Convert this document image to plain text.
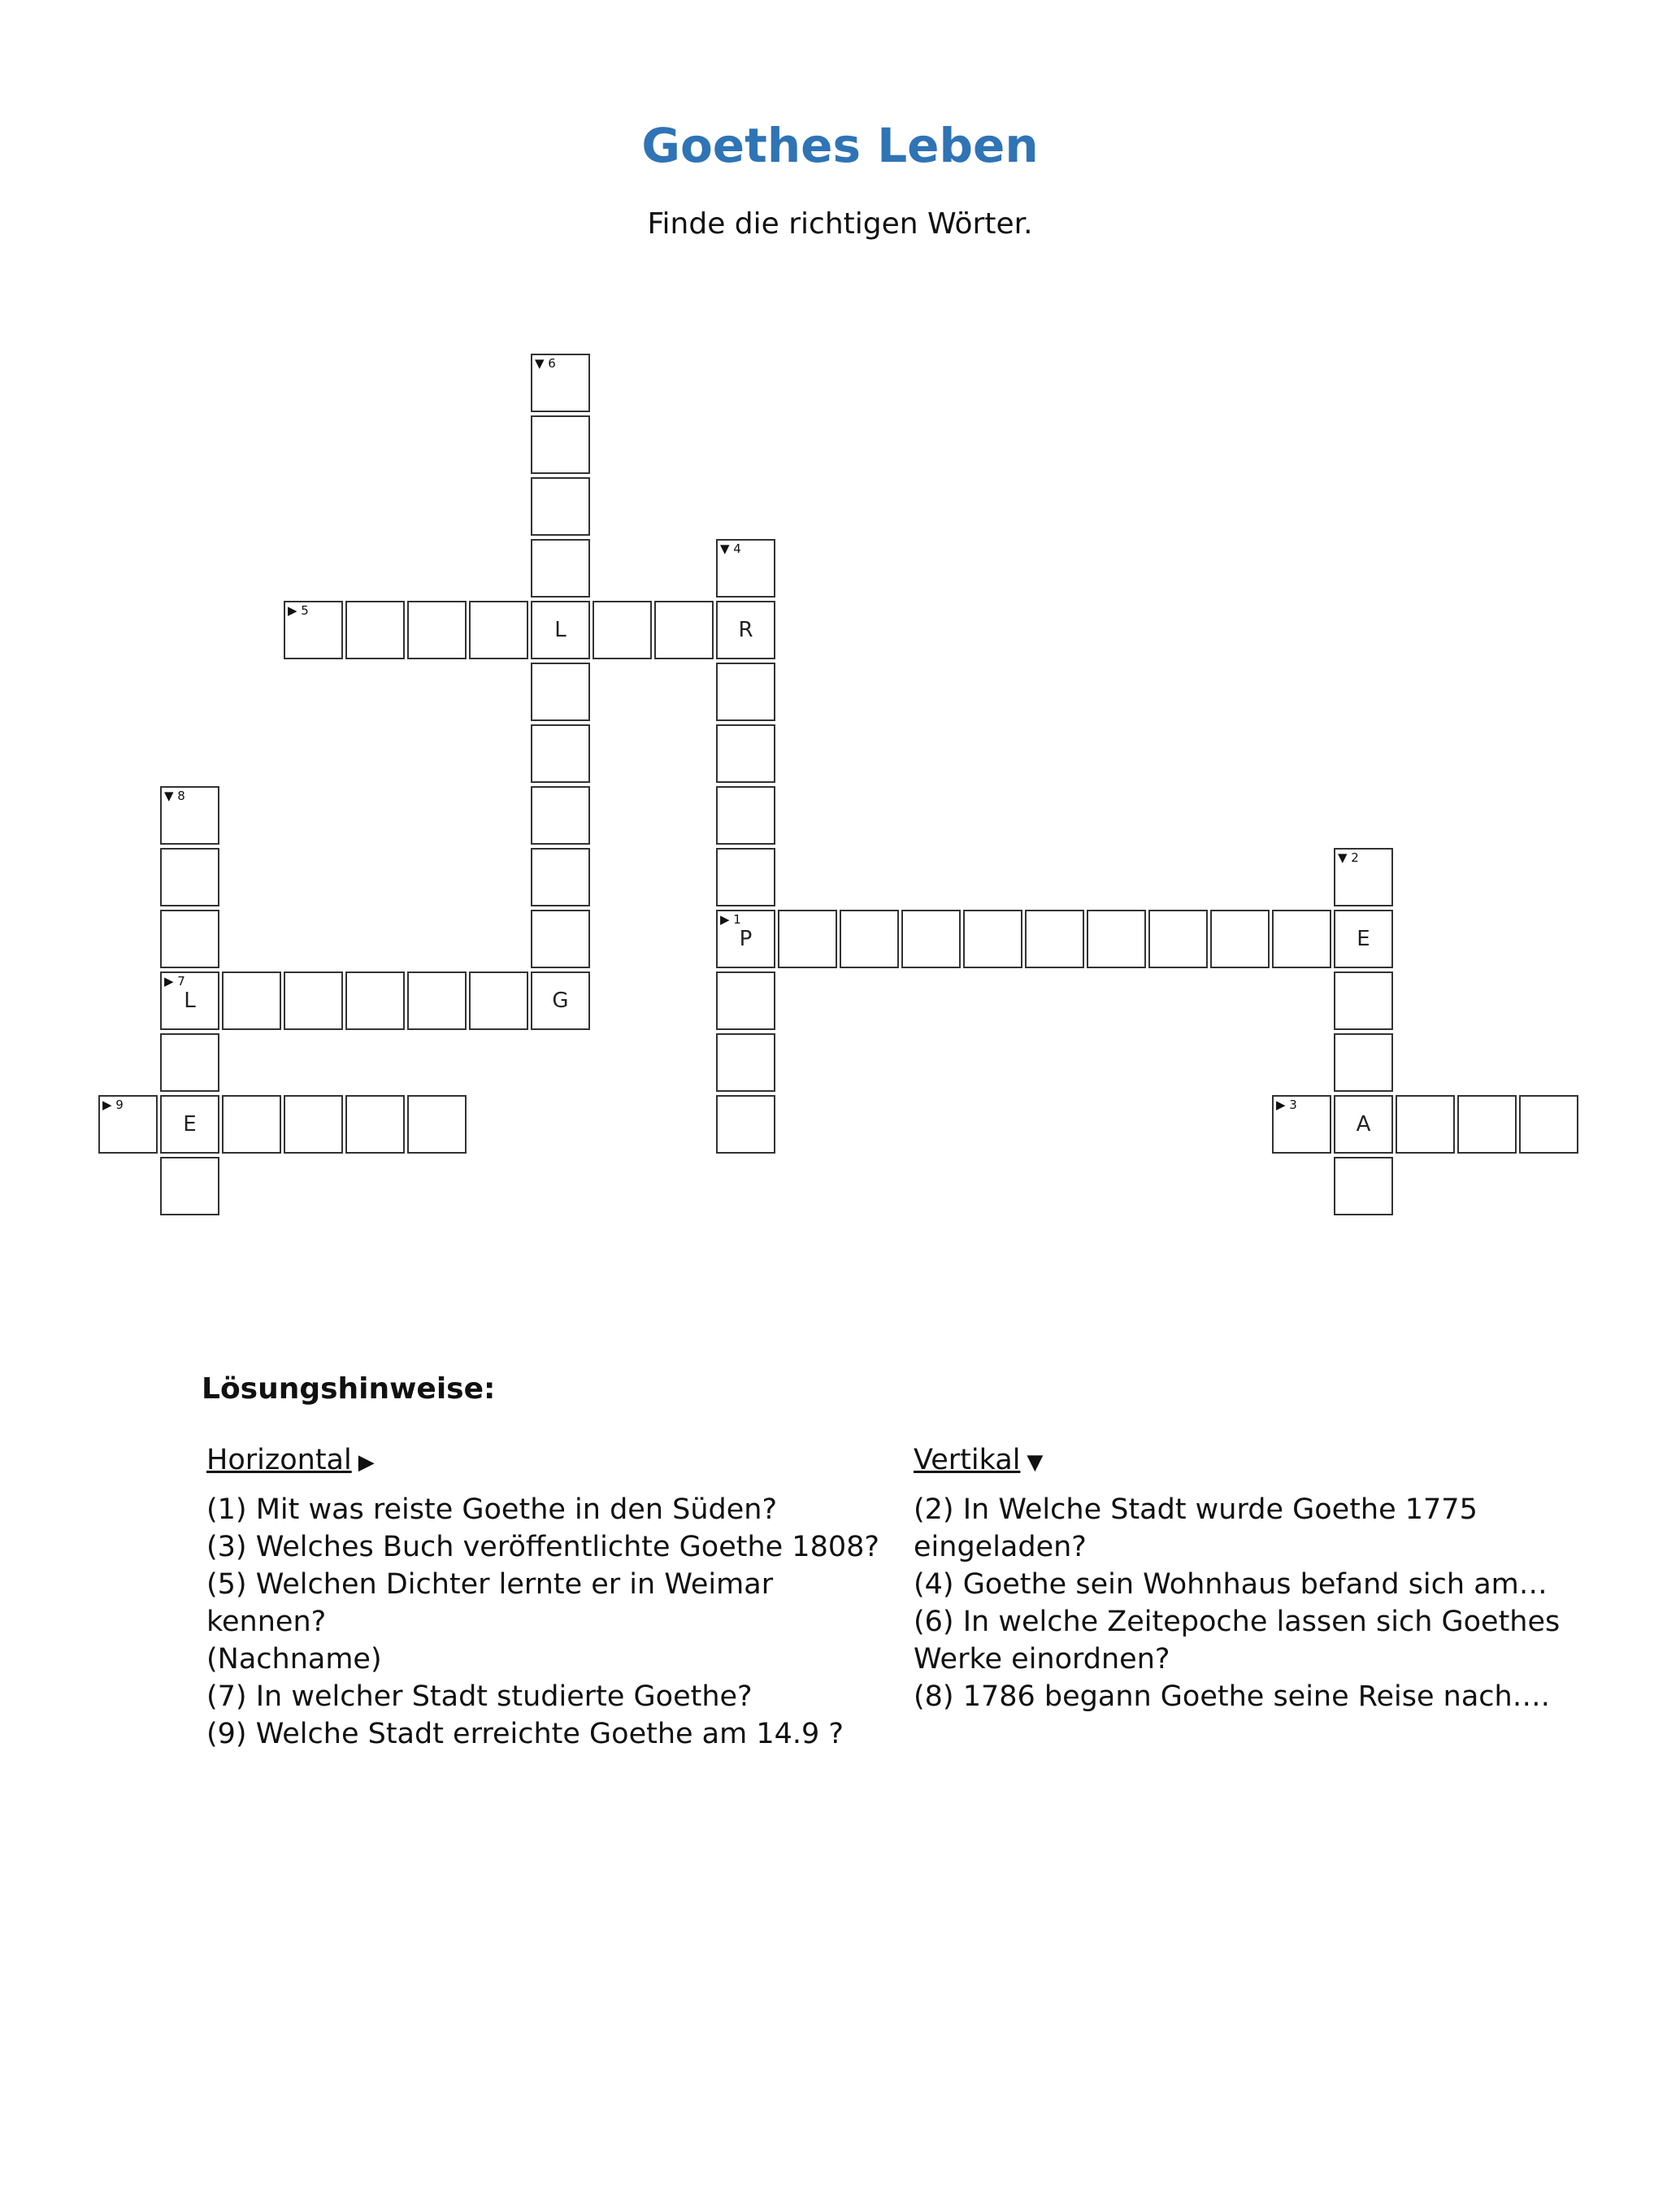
Goethes Leben

Finde die richtigen Wörter.

▼ 6
▼ 4
▶ 5
L	R
▼ 8
▼ 2
▶ 1
P	E
▶ 7
L	G
▶ 9
E
▶ 3
A
Lösungshinweise:
Horizontal ▶	Vertikal ▼
(1) Mit was reiste Goethe in den Süden?
(3) Welches Buch veröffentlichte Goethe 1808?
(5) Welchen Dichter lernte er in Weimar kennen?
(Nachname)
(7) In welcher Stadt studierte Goethe?
(9) Welche Stadt erreichte Goethe am 14.9 ?
(2) In Welche Stadt wurde Goethe 1775
eingeladen?
(4) Goethe sein Wohnhaus befand sich am…
(6) In welche Zeitepoche lassen sich Goethes
Werke einordnen?
(8) 1786 begann Goethe seine Reise nach….
